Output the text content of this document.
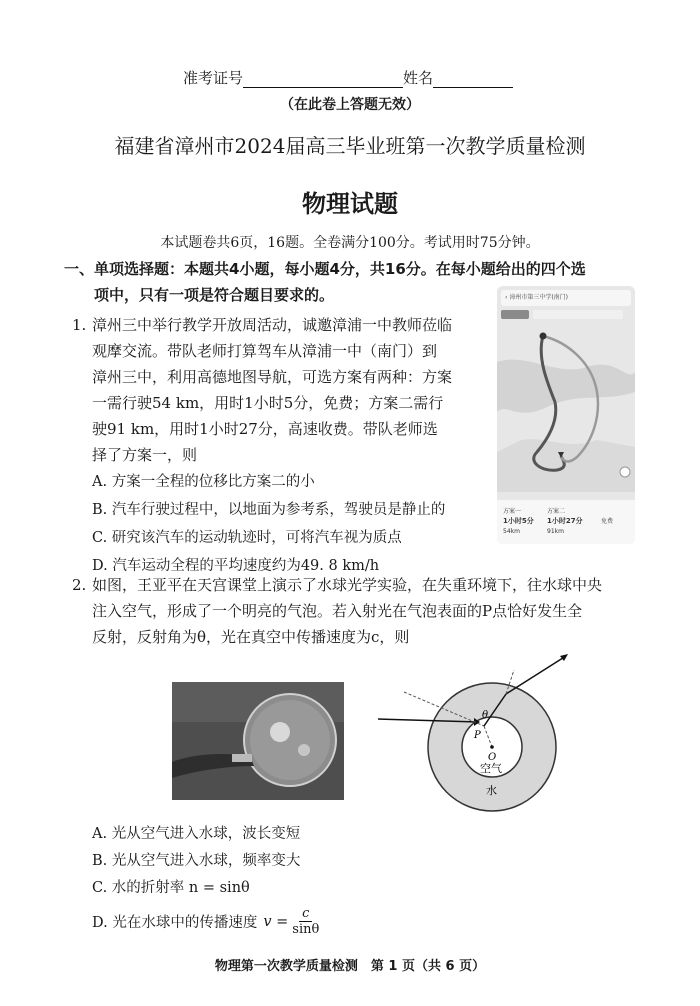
准考证号	姓名
（在此卷上答题无效）
福建省漳州市2024届高三毕业班第一次教学质量检测
物理试题
本试题卷共6页，16题。全卷满分100分。考试用时75分钟。
一、单项选择题：本题共4小题，每小题4分，共16分。在每小题给出的四个选
项中，只有一项是符合题目要求的。
1. 漳州三中举行教学开放周活动，诚邀漳浦一中教师莅临
观摩交流。带队老师打算驾车从漳浦一中（南门）到
漳州三中，利用高德地图导航，可选方案有两种：方案
一需行驶54 km，用时1小时5分，免费；方案二需行
驶91 km，用时1小时27分，高速收费。带队老师选
择了方案一，则
A. 方案一全程的位移比方案二的小
B. 汽车行驶过程中，以地面为参考系，驾驶员是静止的
C. 研究该汽车的运动轨迹时，可将汽车视为质点
D. 汽车运动全程的平均速度约为49. 8 km/h
‹ 漳州市第三中学(南门)
方案一
1小时5分
54km
方案二
1小时27分
91km
免费
2. 如图，王亚平在天宫课堂上演示了水球光学实验，在失重环境下，往水球中央
注入空气，形成了一个明亮的气泡。若入射光在气泡表面的P点恰好发生全
反射，反射角为θ，光在真空中传播速度为c，则
θ
P
O
空气
水
A. 光从空气进入水球，波长变短
B. 光从空气进入水球，频率变大
C. 水的折射率 n = sinθ
D. 光在水球中的传播速度 $v = \frac{c}{\sin\theta}$
物理第一次教学质量检测　第 1 页（共 6 页）
